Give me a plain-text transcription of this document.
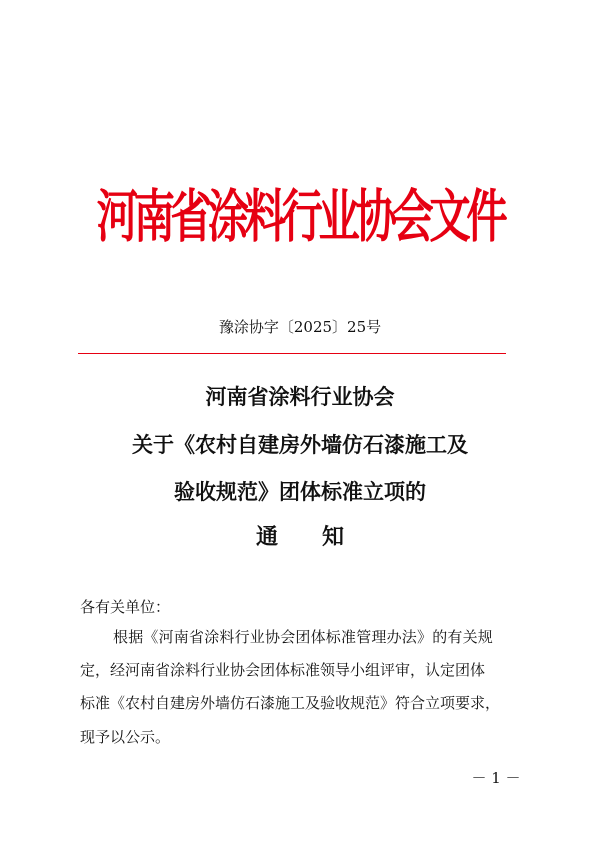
河南省涂料行业协会文件
豫涂协字〔2025〕25号
河南省涂料行业协会
关于《农村自建房外墙仿石漆施工及
验收规范》团体标准立项的
通 知
各有关单位：
根据《河南省涂料行业协会团体标准管理办法》的有关规
定，经河南省涂料行业协会团体标准领导小组评审，认定团体
标准《农村自建房外墙仿石漆施工及验收规范》符合立项要求，
现予以公示。
－ 1 －
